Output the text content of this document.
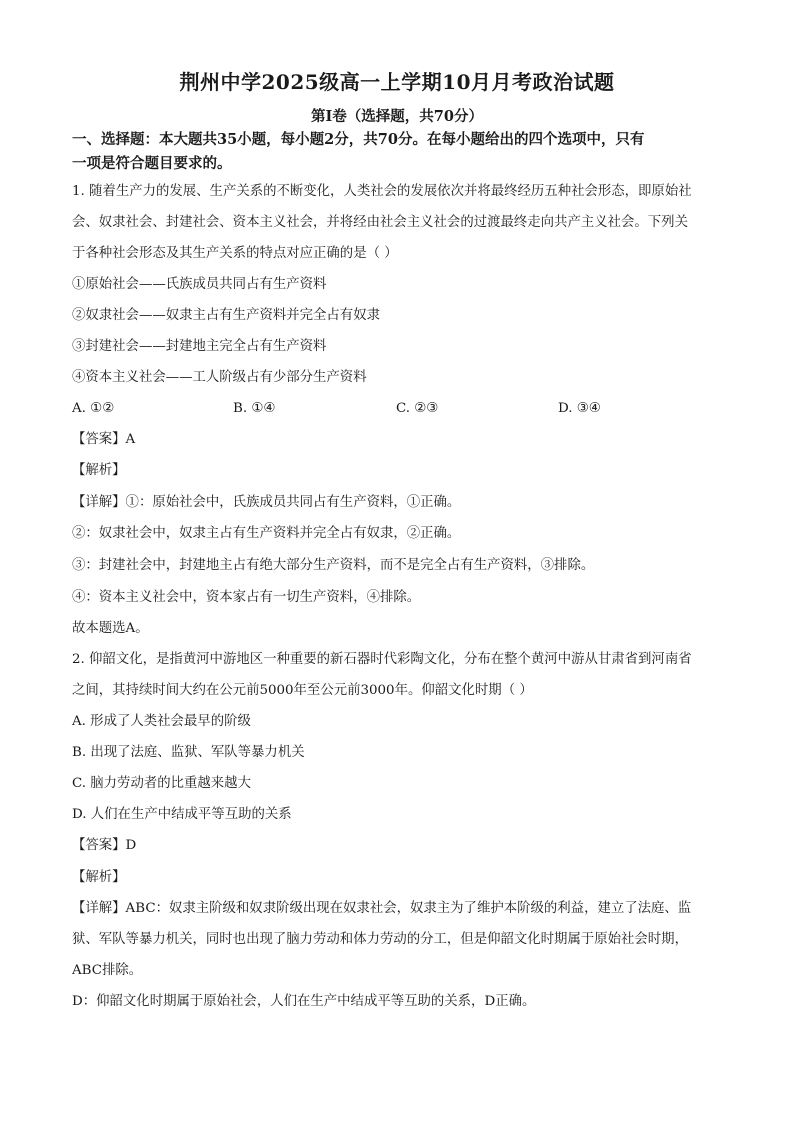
荆州中学2025级高一上学期10月月考政治试题
第Ⅰ卷（选择题，共70分）
一、选择题：本大题共35小题，每小题2分，共70分。在每小题给出的四个选项中，只有
一项是符合题目要求的。
1. 随着生产力的发展、生产关系的不断变化，人类社会的发展依次并将最终经历五种社会形态，即原始社
会、奴隶社会、封建社会、资本主义社会，并将经由社会主义社会的过渡最终走向共产主义社会。下列关
于各种社会形态及其生产关系的特点对应正确的是（ ）
①原始社会——氏族成员共同占有生产资料
②奴隶社会——奴隶主占有生产资料并完全占有奴隶
③封建社会——封建地主完全占有生产资料
④资本主义社会——工人阶级占有少部分生产资料
A. ①②	B. ①④	C. ②③	D. ③④
【答案】A
【解析】
【详解】①：原始社会中，氏族成员共同占有生产资料，①正确。
②：奴隶社会中，奴隶主占有生产资料并完全占有奴隶，②正确。
③：封建社会中，封建地主占有绝大部分生产资料，而不是完全占有生产资料，③排除。
④：资本主义社会中，资本家占有一切生产资料，④排除。
故本题选A。
2. 仰韶文化，是指黄河中游地区一种重要的新石器时代彩陶文化，分布在整个黄河中游从甘肃省到河南省
之间，其持续时间大约在公元前5000年至公元前3000年。仰韶文化时期（ ）
A. 形成了人类社会最早的阶级
B. 出现了法庭、监狱、军队等暴力机关
C. 脑力劳动者的比重越来越大
D. 人们在生产中结成平等互助的关系
【答案】D
【解析】
【详解】ABC：奴隶主阶级和奴隶阶级出现在奴隶社会，奴隶主为了维护本阶级的利益，建立了法庭、监
狱、军队等暴力机关，同时也出现了脑力劳动和体力劳动的分工，但是仰韶文化时期属于原始社会时期，
ABC排除。
D：仰韶文化时期属于原始社会，人们在生产中结成平等互助的关系，D正确。
